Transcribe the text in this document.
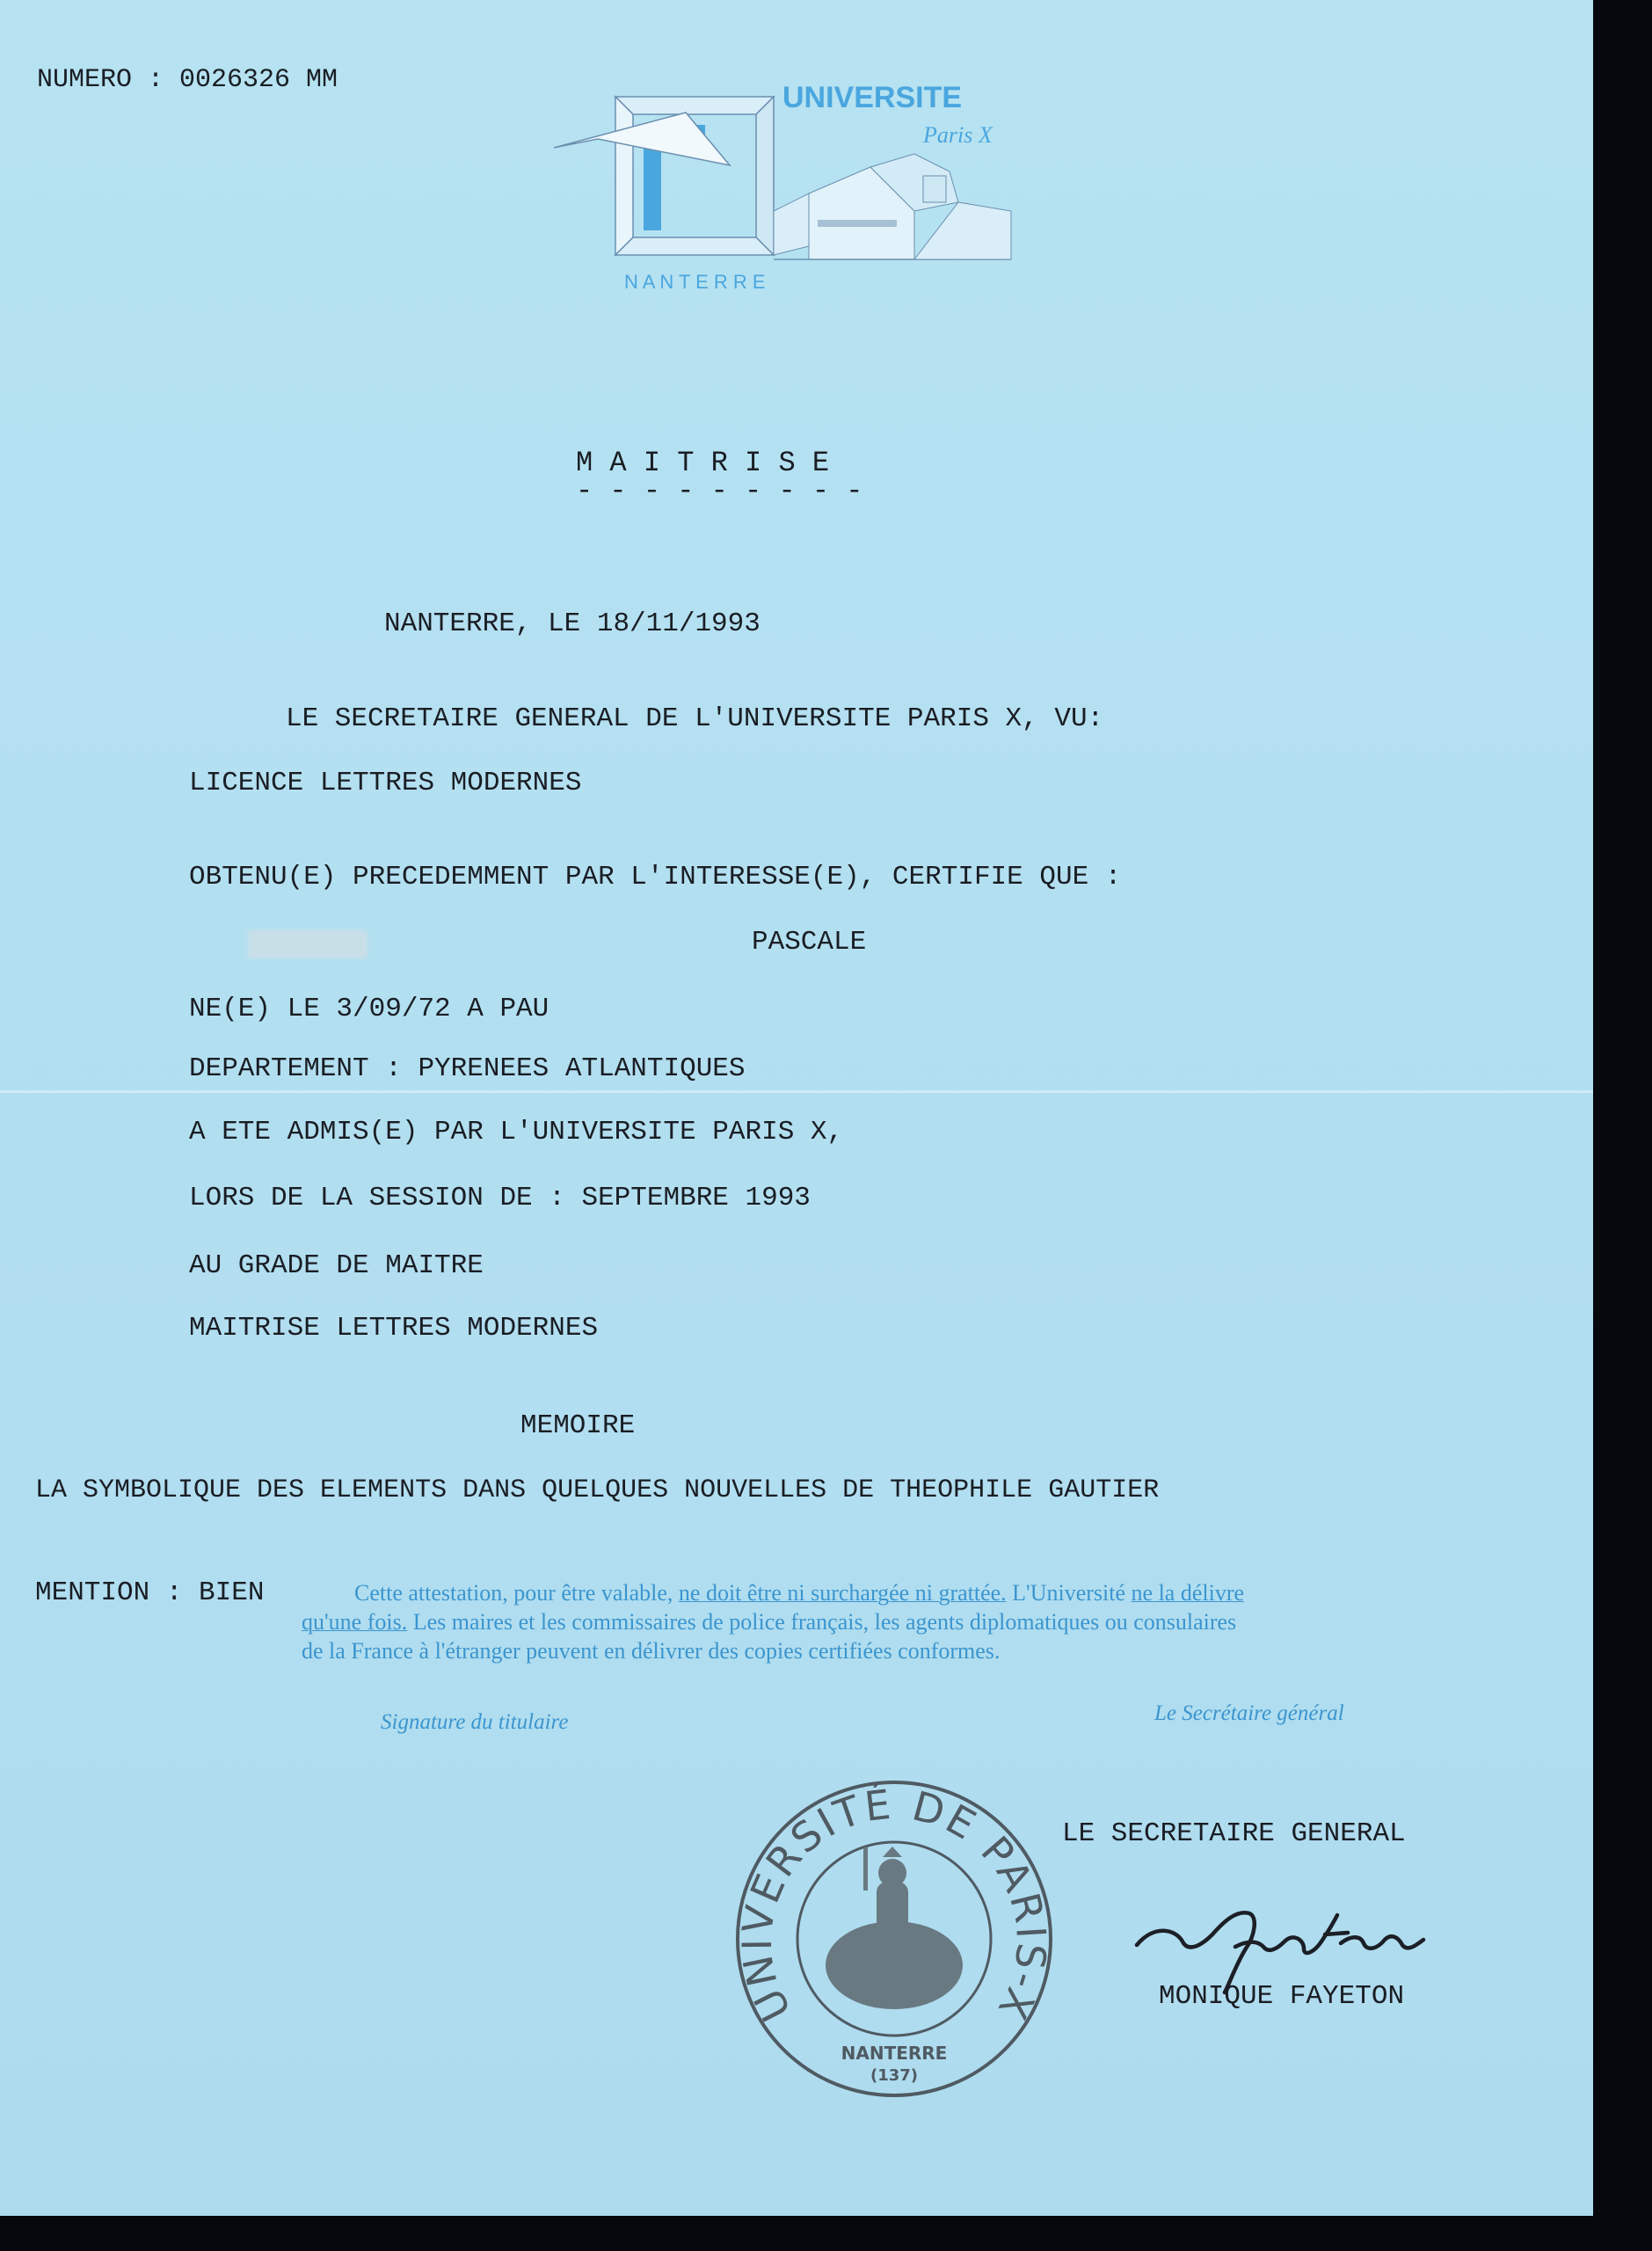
NUMERO : 0026326 MM
UNIVERSITE
Paris X
N A N T E R R E
M A I T R I S E
- - - - - - - - -
NANTERRE, LE 18/11/1993
LE SECRETAIRE GENERAL DE L'UNIVERSITE PARIS X, VU:
LICENCE LETTRES MODERNES
OBTENU(E) PRECEDEMMENT PAR L'INTERESSE(E), CERTIFIE QUE :
PASCALE
NE(E) LE 3/09/72 A PAU
DEPARTEMENT : PYRENEES ATLANTIQUES
A ETE ADMIS(E) PAR L'UNIVERSITE PARIS X,
LORS DE LA SESSION DE : SEPTEMBRE 1993
AU GRADE DE MAITRE
MAITRISE LETTRES MODERNES
MEMOIRE
LA SYMBOLIQUE DES ELEMENTS DANS QUELQUES NOUVELLES DE THEOPHILE GAUTIER
MENTION : BIEN	Cette attestation, pour être valable, ne doit être ni surchargée ni grattée. L'Université ne la délivre
qu'une fois. Les maires et les commissaires de police français, les agents diplomatiques ou consulaires
de la France à l'étranger peuvent en délivrer des copies certifiées conformes.
Signature du titulaire	Le Secrétaire général
UNIVERSITÉ DE PARIS-X
NANTERRE
(137)
LE SECRETAIRE GENERAL
MONIQUE FAYETON
